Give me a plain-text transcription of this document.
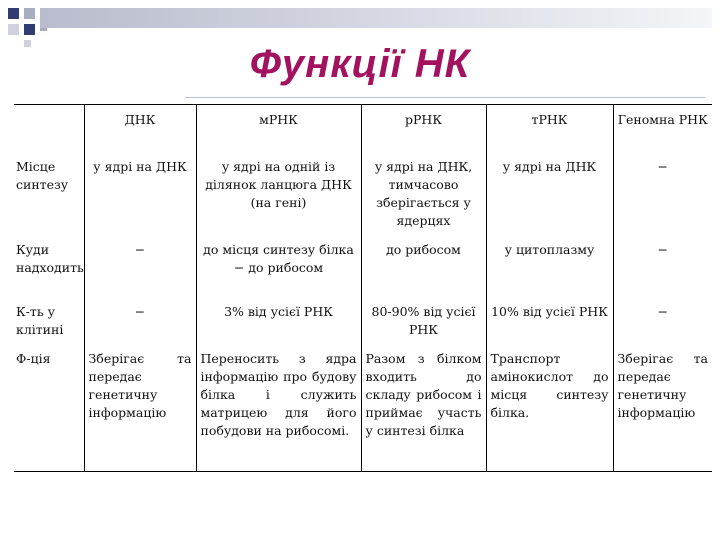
Функції НК
	ДНК	мРНК	рРНК	тРНК	Геномна РНК
Місце синтезу	у ядрі на ДНК	у ядрі на одній із ділянок ланцюга ДНК (на гені)	у ядрі на ДНК, тимчасово зберігається у ядерцях	у ядрі на ДНК	−
Куди надходить	−	до місця синтезу білка − до рибосом	до рибосом	у цитоплазму	−
К-ть у клітині	−	3% від усієї РНК	80-90% від усієї РНК	10% від усієї РНК	−
Ф-ція	Зберігає та передає генетичну інформацію	Переносить з ядра інформацію про будову білка і служить матрицею для його побудови на рибосомі.	Разом з білком входить до складу рибосом і приймає участь у синтезі білка	Транспорт амінокислот до місця синтезу білка.	Зберігає та передає генетичну інформацію
